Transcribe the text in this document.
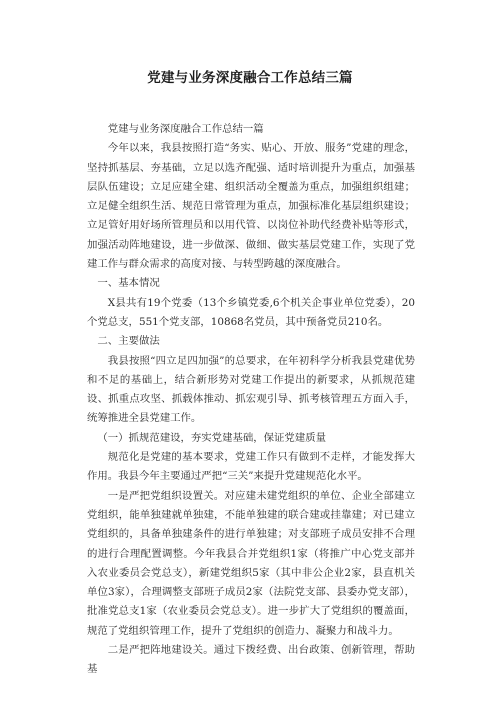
党建与业务深度融合工作总结三篇

党建与业务深度融合工作总结一篇

今年以来，我县按照打造“务实、贴心、开放、服务”党建的理念，坚持抓基层、夯基础，立足以选齐配强、适时培训提升为重点，加强基层队伍建设；立足应建全建、组织活动全覆盖为重点，加强组织组建；立足健全组织生活、规范日常管理为重点，加强标准化基层组织建设；立足管好用好场所管理员和以用代管、以岗位补助代经费补贴等形式，加强活动阵地建设，进一步做深、做细、做实基层党建工作，实现了党建工作与群众需求的高度对接、与转型跨越的深度融合。

一、基本情况

X县共有19个党委（13个乡镇党委,6个机关企事业单位党委），20个党总支，551个党支部，10868名党员，其中预备党员210名。

二、主要做法

我县按照“四立足四加强”的总要求，在年初科学分析我县党建优势和不足的基础上，结合新形势对党建工作提出的新要求，从抓规范建设、抓重点攻坚、抓载体推动、抓宏观引导、抓考核管理五方面入手，统筹推进全县党建工作。

（一）抓规范建设，夯实党建基础，保证党建质量

规范化是党建的基本要求，党建工作只有做到不走样，才能发挥大作用。我县今年主要通过严把“三关”来提升党建规范化水平。

一是严把党组织设置关。对应建未建党组织的单位、企业全部建立党组织，能单独建就单独建，不能单独建的联合建或挂靠建；对已建立党组织的，具备单独建条件的进行单独建；对支部班子成员安排不合理的进行合理配置调整。今年我县合并党组织1家（将推广中心党支部并入农业委员会党总支），新建党组织5家（其中非公企业2家，县直机关单位3家），合理调整支部班子成员2家（法院党支部、县委办党支部），批准党总支1家（农业委员会党总支）。进一步扩大了党组织的覆盖面，规范了党组织管理工作，提升了党组织的创造力、凝聚力和战斗力。

二是严把阵地建设关。通过下拨经费、出台政策、创新管理，帮助基
